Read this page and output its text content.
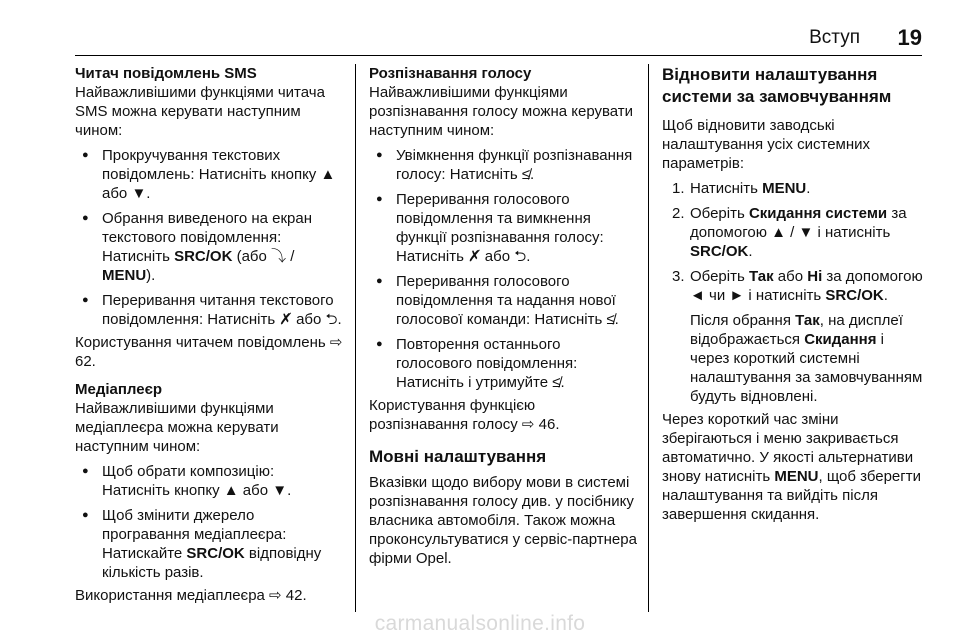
Вступ 19
Читач повідомлень SMS

Найважливішими функціями читача SMS можна керувати наступним чином:

● Прокручування текстових повідомлень: Натисніть кнопку ▲ або ▼.
● Обрання виведеного на екран текстового повідомлення: Натисніть SRC/OK (або ⤵ / MENU).
● Переривання читання текстового повідомлення: Натисніть ✗̸ або ⮌.

Користування читачем повідомлень ⇨ 62.

Медіаплеєр

Найважливішими функціями медіаплеєра можна керувати наступним чином:

● Щоб обрати композицію: Натисніть кнопку ▲ або ▼.
● Щоб змінити джерело програвання медіаплеєра: Натискайте SRC/OK відповідну кількість разів.

Використання медіаплеєра ⇨ 42.

Розпізнавання голосу

Найважливішими функціями розпізнавання голосу можна керувати наступним чином:

● Увімкнення функції розпізнавання голосу: Натисніть ≰.
● Переривання голосового повідомлення та вимкнення функції розпізнавання голосу: Натисніть ✗̸ або ⮌.
● Переривання голосового повідомлення та надання нової голосової команди: Натисніть ≰.
● Повторення останнього голосового повідомлення: Натисніть і утримуйте ≰.

Користування функцією розпізнавання голосу ⇨ 46.

Мовні налаштування

Вказівки щодо вибору мови в системі розпізнавання голосу див. у посібнику власника автомобіля. Також можна проконсультуватися у сервіс-партнера фірми Opel.

Відновити налаштування системи за замовчуванням

Щоб відновити заводські налаштування усіх системних параметрів:

1. Натисніть MENU.
2. Оберіть Скидання системи за допомогою ▲ / ▼ і натисніть SRC/OK.
3. Оберіть Так або Ні за допомогою ◄ чи ► і натисніть SRC/OK.
Після обрання Так, на дисплеї відображається Скидання і через короткий системні налаштування за замовчуванням будуть відновлені.

Через короткий час зміни зберігаються і меню закривається автоматично. У якості альтернативи знову натисніть MENU, щоб зберегти налаштування та вийдіть після завершення скидання.

carmanualsonline.info
